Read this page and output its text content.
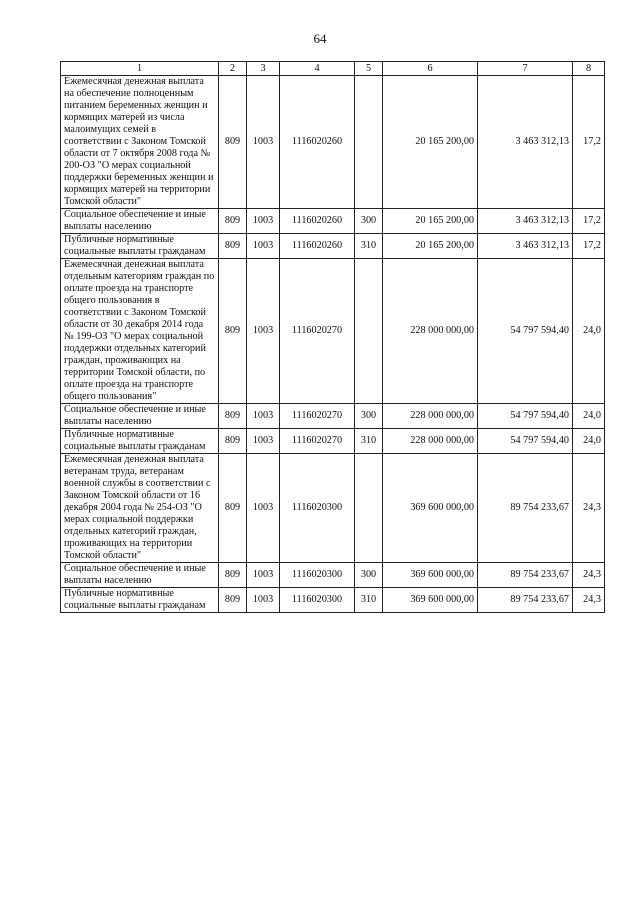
64
1	2	3	4	5	6	7	8
Ежемесячная денежная выплата на обеспечение полноценным питанием беременных женщин и кормящих матерей из числа малоимущих семей в соответствии с Законом Томской области от 7 октября 2008 года № 200-ОЗ "О мерах социальной поддержки беременных женщин и кормящих матерей на территории Томской области"	809	1003	1116020260		20 165 200,00	3 463 312,13	17,2
Социальное обеспечение и иные выплаты населению	809	1003	1116020260	300	20 165 200,00	3 463 312,13	17,2
Публичные нормативные социальные выплаты гражданам	809	1003	1116020260	310	20 165 200,00	3 463 312,13	17,2
Ежемесячная денежная выплата отдельным категориям граждан по оплате проезда на транспорте общего пользования в соответствии с Законом Томской области от 30 декабря 2014 года № 199-ОЗ "О мерах социальной поддержки отдельных категорий граждан, проживающих на территории Томской области, по оплате проезда на транспорте общего пользования"	809	1003	1116020270		228 000 000,00	54 797 594,40	24,0
Социальное обеспечение и иные выплаты населению	809	1003	1116020270	300	228 000 000,00	54 797 594,40	24,0
Публичные нормативные социальные выплаты гражданам	809	1003	1116020270	310	228 000 000,00	54 797 594,40	24,0
Ежемесячная денежная выплата ветеранам труда, ветеранам военной службы в соответствии с Законом Томской области от 16 декабря 2004 года № 254-ОЗ "О мерах социальной поддержки отдельных категорий граждан, проживающих на территории Томской области"	809	1003	1116020300		369 600 000,00	89 754 233,67	24,3
Социальное обеспечение и иные выплаты населению	809	1003	1116020300	300	369 600 000,00	89 754 233,67	24,3
Публичные нормативные социальные выплаты гражданам	809	1003	1116020300	310	369 600 000,00	89 754 233,67	24,3
